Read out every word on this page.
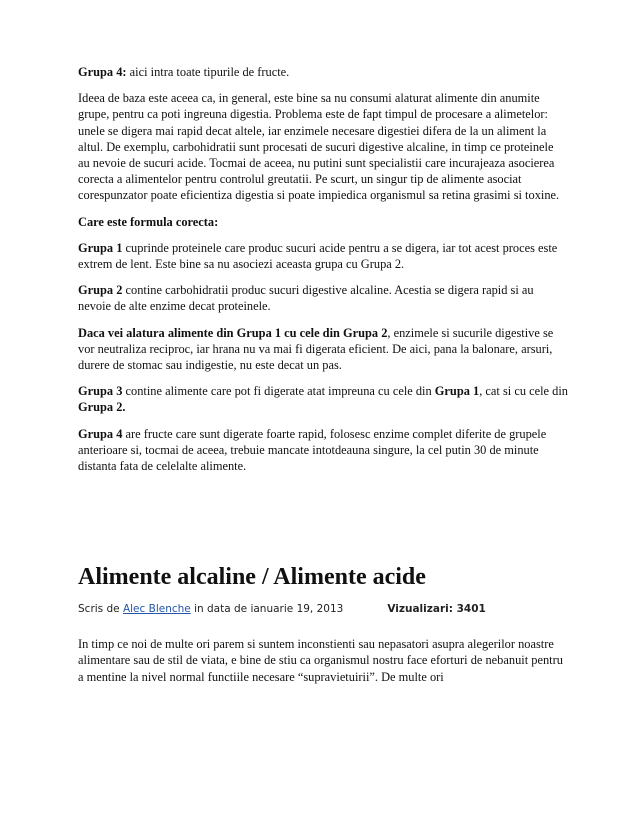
Grupa 4: aici intra toate tipurile de fructe.

Ideea de baza este aceea ca, in general, este bine sa nu consumi alaturat alimente din anumite grupe, pentru ca poti ingreuna digestia. Problema este de fapt timpul de procesare a alimetelor: unele se digera mai rapid decat altele, iar enzimele necesare digestiei difera de la un aliment la altul. De exemplu, carbohidratii sunt procesati de sucuri digestive alcaline, in timp ce proteinele au nevoie de sucuri acide. Tocmai de aceea, nu putini sunt specialistii care incurajeaza asocierea corecta a alimentelor pentru controlul greutatii. Pe scurt, un singur tip de alimente asociat corespunzator poate eficientiza digestia si poate impiedica organismul sa retina grasimi si toxine.

Care este formula corecta:

Grupa 1 cuprinde proteinele care produc sucuri acide pentru a se digera, iar tot acest proces este extrem de lent. Este bine sa nu asociezi aceasta grupa cu Grupa 2.

Grupa 2 contine carbohidratii produc sucuri digestive alcaline. Acestia se digera rapid si au nevoie de alte enzime decat proteinele.

Daca vei alatura alimente din Grupa 1 cu cele din Grupa 2, enzimele si sucurile digestive se vor neutraliza reciproc, iar hrana nu va mai fi digerata eficient. De aici, pana la balonare, arsuri, durere de stomac sau indigestie, nu este decat un pas.

Grupa 3 contine alimente care pot fi digerate atat impreuna cu cele din Grupa 1, cat si cu cele din Grupa 2.

Grupa 4 are fructe care sunt digerate foarte rapid, folosesc enzime complet diferite de grupele anterioare si, tocmai de aceea, trebuie mancate intotdeauna singure, la cel putin 30 de minute distanta fata de celelalte alimente.

Alimente alcaline / Alimente acide
Scris de Alec Blenche in data de ianuarie 19, 2013	Vizualizari: 3401

In timp ce noi de multe ori parem si suntem inconstienti sau nepasatori asupra alegerilor noastre alimentare sau de stil de viata, e bine de stiu ca organismul nostru face eforturi de nebanuit pentru a mentine la nivel normal functiile necesare “supravietuirii”. De multe ori
